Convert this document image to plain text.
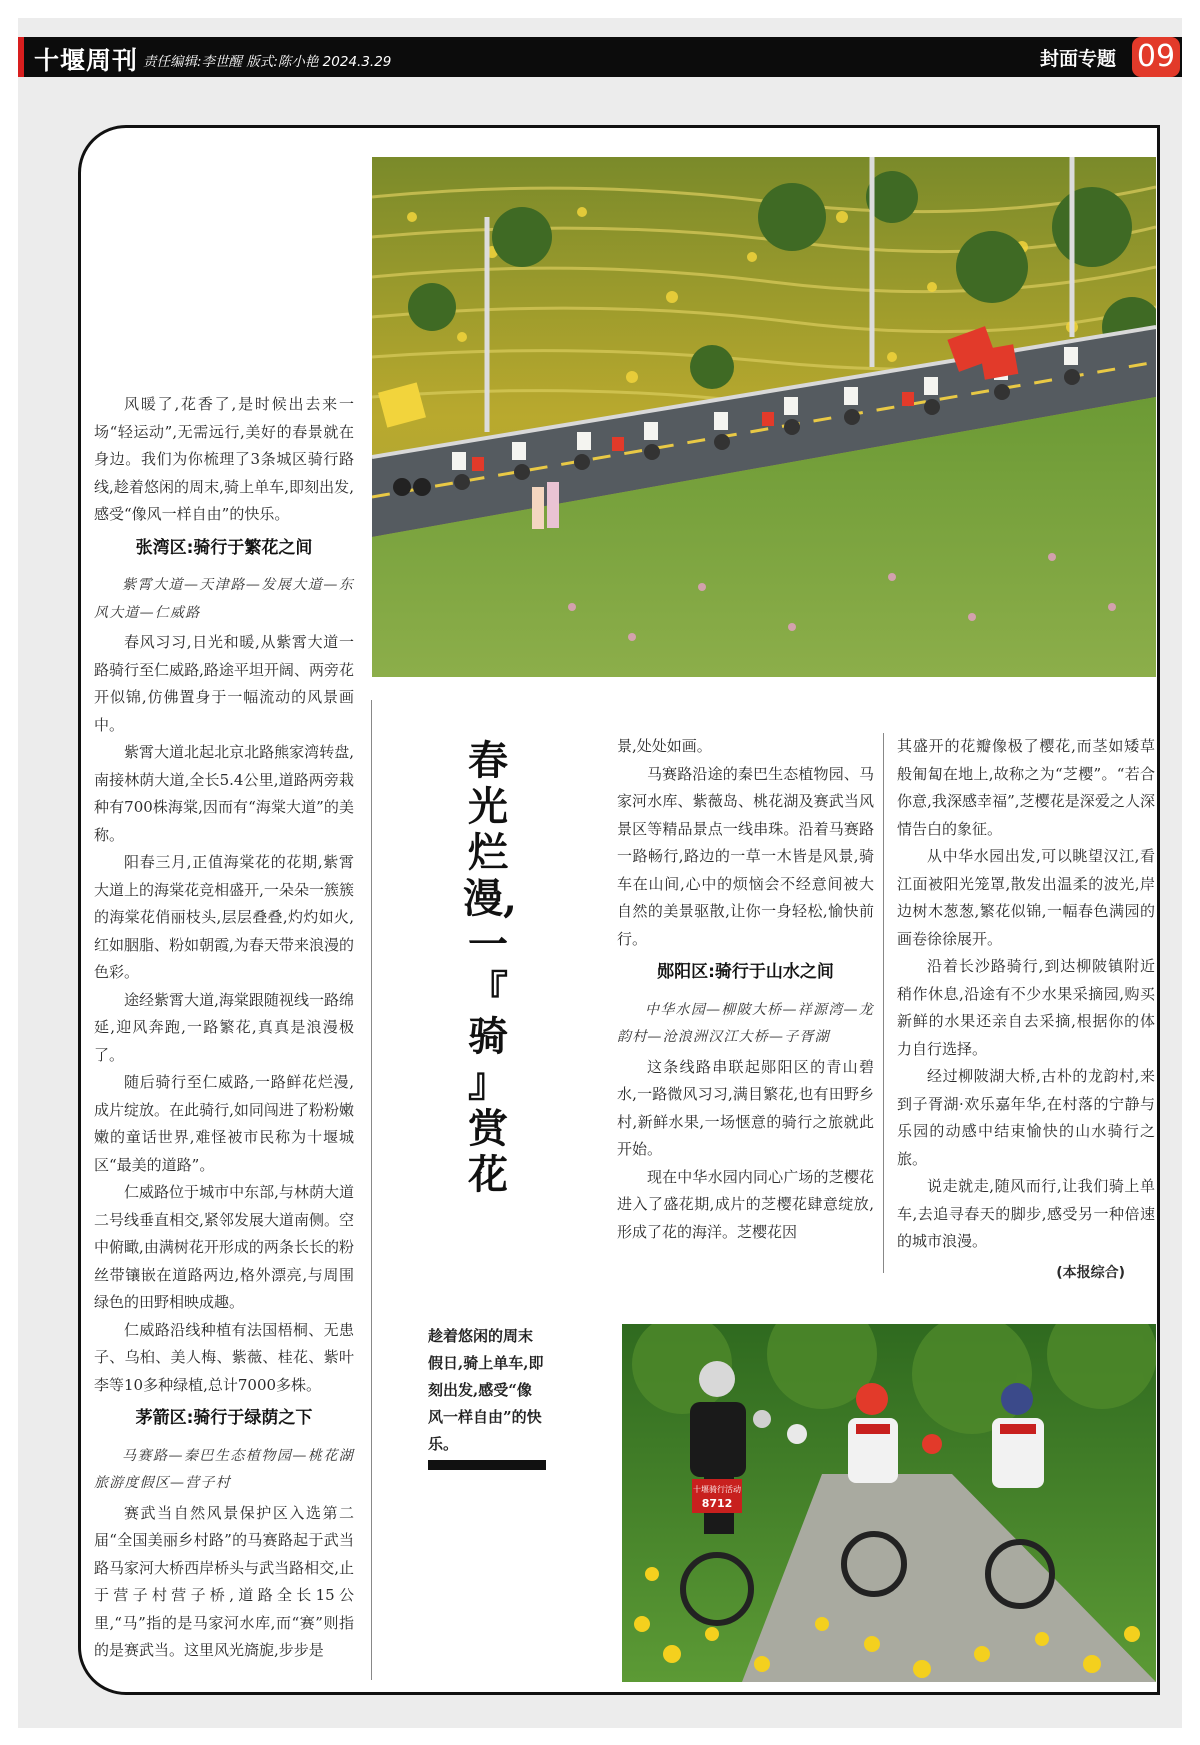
十堰周刊 责任编辑:李世醒 版式:陈小艳 2024.3.29	封面专题 09

风暖了,花香了,是时候出去来一场“轻运动”,无需远行,美好的春景就在身边。我们为你梳理了3条城区骑行路线,趁着悠闲的周末,骑上单车,即刻出发,感受“像风一样自由”的快乐。

张湾区:骑行于繁花之间

紫霄大道—天津路—发展大道—东风大道—仁威路

春风习习,日光和暖,从紫霄大道一路骑行至仁威路,路途平坦开阔、两旁花开似锦,仿佛置身于一幅流动的风景画中。

紫霄大道北起北京北路熊家湾转盘,南接林荫大道,全长5.4公里,道路两旁栽种有700株海棠,因而有“海棠大道”的美称。

阳春三月,正值海棠花的花期,紫霄大道上的海棠花竞相盛开,一朵朵一簇簇的海棠花俏丽枝头,层层叠叠,灼灼如火,红如胭脂、粉如朝霞,为春天带来浪漫的色彩。

途经紫霄大道,海棠跟随视线一路绵延,迎风奔跑,一路繁花,真真是浪漫极了。

随后骑行至仁威路,一路鲜花烂漫,成片绽放。在此骑行,如同闯进了粉粉嫩嫩的童话世界,难怪被市民称为十堰城区“最美的道路”。

仁威路位于城市中东部,与林荫大道二号线垂直相交,紧邻发展大道南侧。空中俯瞰,由满树花开形成的两条长长的粉丝带镶嵌在道路两边,格外漂亮,与周围绿色的田野相映成趣。

仁威路沿线种植有法国梧桐、无患子、乌桕、美人梅、紫薇、桂花、紫叶李等10多种绿植,总计7000多株。

茅箭区:骑行于绿荫之下

马赛路—秦巴生态植物园—桃花湖旅游度假区—营子村

赛武当自然风景保护区入选第二届“全国美丽乡村路”的马赛路起于武当路马家河大桥西岸桥头与武当路相交,止于营子村营子桥,道路全长15公里,“马”指的是马家河水库,而“赛”则指的是赛武当。这里风光旖旎,步步是

春
光
烂
漫,
一
『
骑
』
赏
花

景,处处如画。

马赛路沿途的秦巴生态植物园、马家河水库、紫薇岛、桃花湖及赛武当风景区等精品景点一线串珠。沿着马赛路一路畅行,路边的一草一木皆是风景,骑车在山间,心中的烦恼会不经意间被大自然的美景驱散,让你一身轻松,愉快前行。

郧阳区:骑行于山水之间

中华水园—柳陂大桥—祥源湾—龙韵村—沧浪洲汉江大桥—子胥湖

这条线路串联起郧阳区的青山碧水,一路微风习习,满目繁花,也有田野乡村,新鲜水果,一场惬意的骑行之旅就此开始。

现在中华水园内同心广场的芝樱花进入了盛花期,成片的芝樱花肆意绽放,形成了花的海洋。芝樱花因

其盛开的花瓣像极了樱花,而茎如矮草般匍匐在地上,故称之为“芝樱”。“若合你意,我深感幸福”,芝樱花是深爱之人深情告白的象征。

从中华水园出发,可以眺望汉江,看江面被阳光笼罩,散发出温柔的波光,岸边树木葱葱,繁花似锦,一幅春色满园的画卷徐徐展开。

沿着长沙路骑行,到达柳陂镇附近稍作休息,沿途有不少水果采摘园,购买新鲜的水果还亲自去采摘,根据你的体力自行选择。

经过柳陂湖大桥,古朴的龙韵村,来到子胥湖·欢乐嘉年华,在村落的宁静与乐园的动感中结束愉快的山水骑行之旅。

说走就走,随风而行,让我们骑上单车,去追寻春天的脚步,感受另一种倍速的城市浪漫。

(本报综合)

趁着悠闲的周末假日,骑上单车,即刻出发,感受“像风一样自由”的快乐。
十堰骑行活动
8712
